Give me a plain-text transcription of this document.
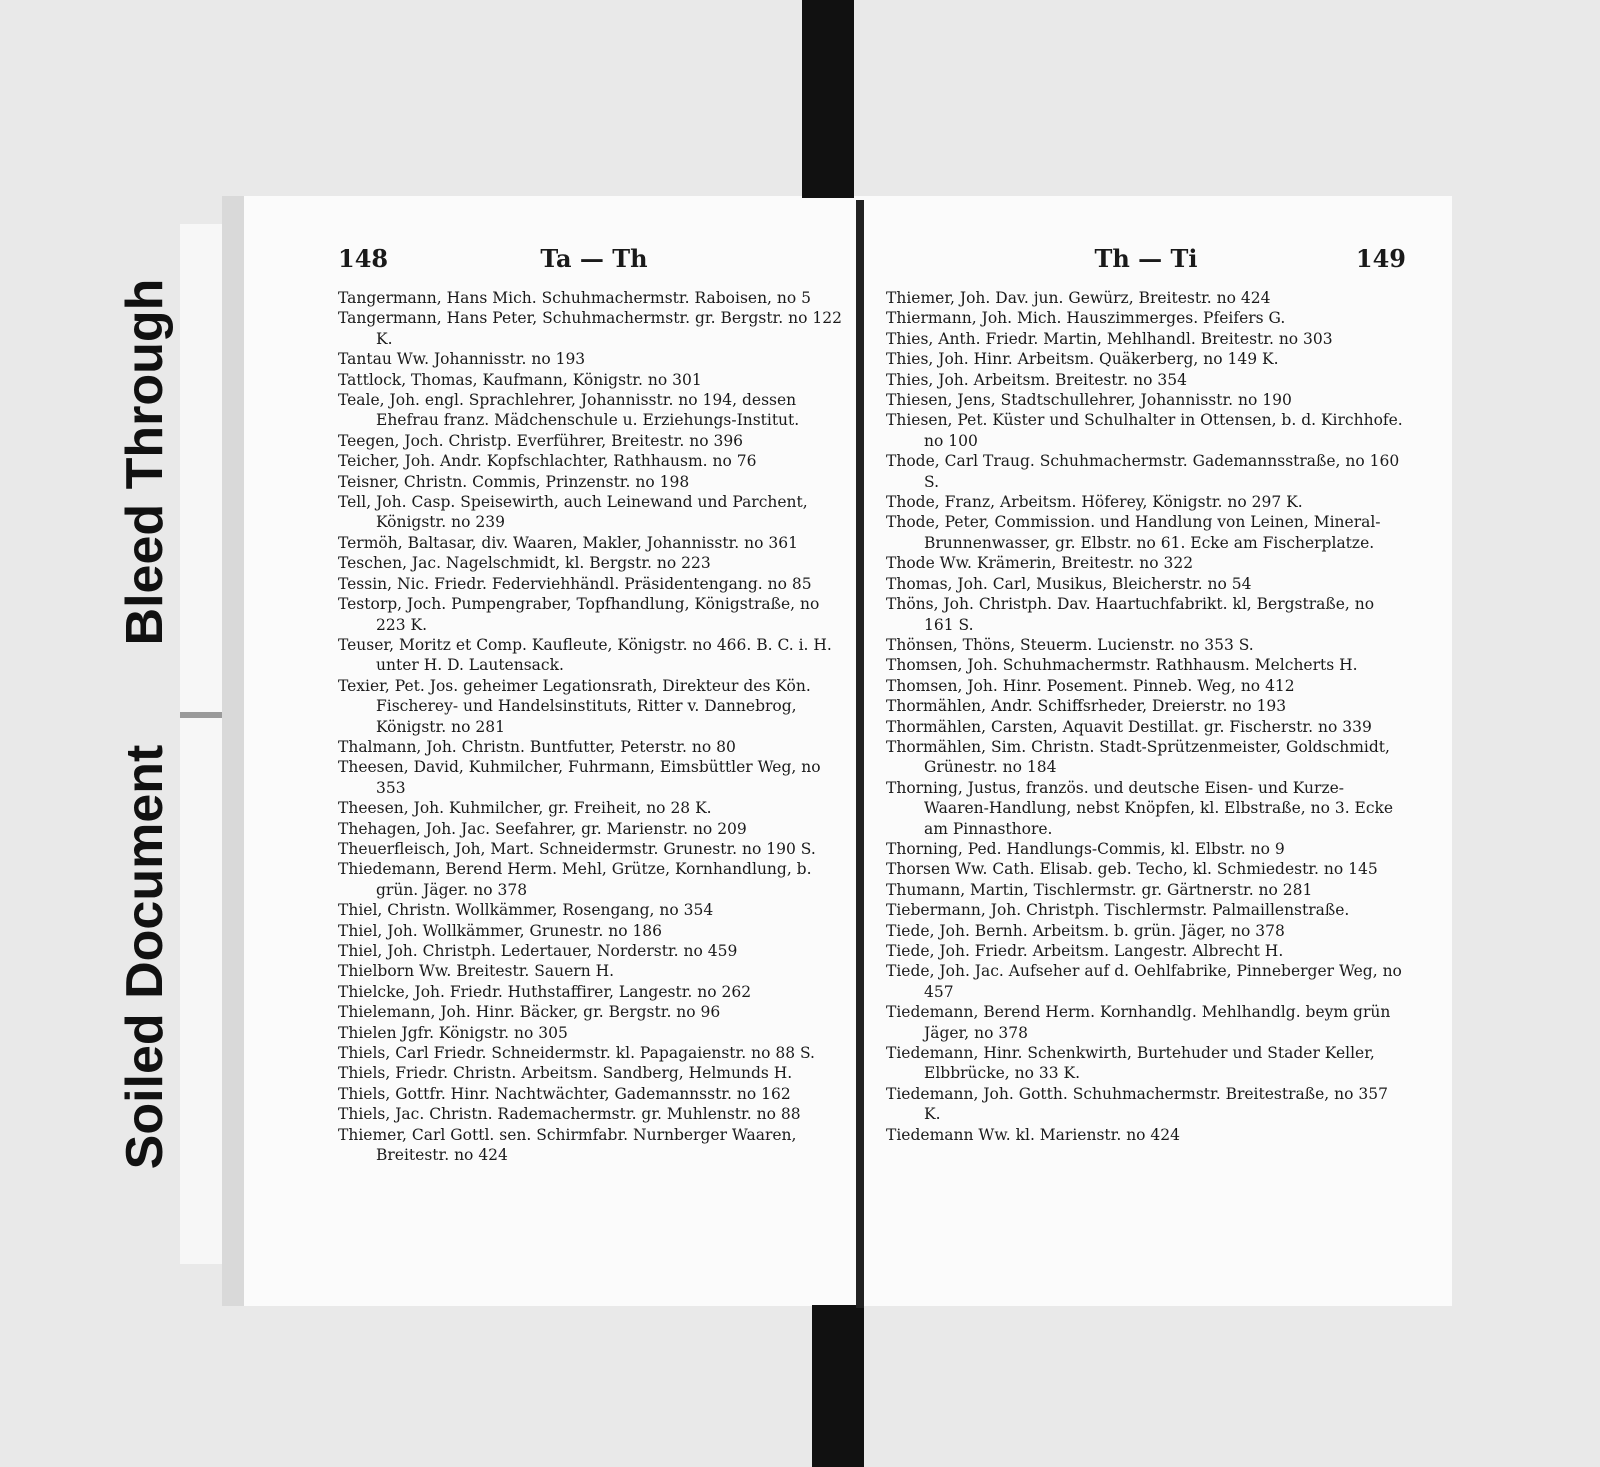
Bleed Through
Soiled Document
148	Ta — Th

Tangermann, Hans Mich. Schuhmachermstr. Raboisen, no 5

Tangermann, Hans Peter, Schuhmachermstr. gr. Bergstr. no 122 K.

Tantau Ww. Johannisstr. no 193

Tattlock, Thomas, Kaufmann, Königstr. no 301

Teale, Joh. engl. Sprachlehrer, Johannisstr. no 194, dessen Ehefrau franz. Mädchenschule u. Erziehungs-Institut.

Teegen, Joch. Christp. Everführer, Breitestr. no 396

Teicher, Joh. Andr. Kopfschlachter, Rathhausm. no 76

Teisner, Christn. Commis, Prinzenstr. no 198

Tell, Joh. Casp. Speisewirth, auch Leinewand und Parchent, Königstr. no 239

Termöh, Baltasar, div. Waaren, Makler, Johannisstr. no 361

Teschen, Jac. Nagelschmidt, kl. Bergstr. no 223

Tessin, Nic. Friedr. Federviehhändl. Präsidentengang. no 85

Testorp, Joch. Pumpengraber, Topfhandlung, Königstraße, no 223 K.

Teuser, Moritz et Comp. Kaufleute, Königstr. no 466. B. C. i. H. unter H. D. Lautensack.

Texier, Pet. Jos. geheimer Legationsrath, Direkteur des Kön. Fischerey- und Handelsinstituts, Ritter v. Dannebrog, Königstr. no 281

Thalmann, Joh. Christn. Buntfutter, Peterstr. no 80

Theesen, David, Kuhmilcher, Fuhrmann, Eimsbüttler Weg, no 353

Theesen, Joh. Kuhmilcher, gr. Freiheit, no 28 K.

Thehagen, Joh. Jac. Seefahrer, gr. Marienstr. no 209

Theuerfleisch, Joh, Mart. Schneidermstr. Grunestr. no 190 S.

Thiedemann, Berend Herm. Mehl, Grütze, Kornhandlung, b. grün. Jäger. no 378

Thiel, Christn. Wollkämmer, Rosengang, no 354

Thiel, Joh. Wollkämmer, Grunestr. no 186

Thiel, Joh. Christph. Ledertauer, Norderstr. no 459

Thielborn Ww. Breitestr. Sauern H.

Thielcke, Joh. Friedr. Huthstaffirer, Langestr. no 262

Thielemann, Joh. Hinr. Bäcker, gr. Bergstr. no 96

Thielen Jgfr. Königstr. no 305

Thiels, Carl Friedr. Schneidermstr. kl. Papagaienstr. no 88 S.

Thiels, Friedr. Christn. Arbeitsm. Sandberg, Helmunds H.

Thiels, Gottfr. Hinr. Nachtwächter, Gademannsstr. no 162

Thiels, Jac. Christn. Rademachermstr. gr. Muhlenstr. no 88

Thiemer, Carl Gottl. sen. Schirmfabr. Nurnberger Waaren, Breitestr. no 424

Th — Ti	149

Thiemer, Joh. Dav. jun. Gewürz, Breitestr. no 424

Thiermann, Joh. Mich. Hauszimmerges. Pfeifers G.

Thies, Anth. Friedr. Martin, Mehlhandl. Breitestr. no 303

Thies, Joh. Hinr. Arbeitsm. Quäkerberg, no 149 K.

Thies, Joh. Arbeitsm. Breitestr. no 354

Thiesen, Jens, Stadtschullehrer, Johannisstr. no 190

Thiesen, Pet. Küster und Schulhalter in Ottensen, b. d. Kirchhofe. no 100

Thode, Carl Traug. Schuhmachermstr. Gademannsstraße, no 160 S.

Thode, Franz, Arbeitsm. Höferey, Königstr. no 297 K.

Thode, Peter, Commission. und Handlung von Leinen, Mineral-Brunnenwasser, gr. Elbstr. no 61. Ecke am Fischerplatze.

Thode Ww. Krämerin, Breitestr. no 322

Thomas, Joh. Carl, Musikus, Bleicherstr. no 54

Thöns, Joh. Christph. Dav. Haartuchfabrikt. kl, Bergstraße, no 161 S.

Thönsen, Thöns, Steuerm. Lucienstr. no 353 S.

Thomsen, Joh. Schuhmachermstr. Rathhausm. Melcherts H.

Thomsen, Joh. Hinr. Posement. Pinneb. Weg, no 412

Thormählen, Andr. Schiffsrheder, Dreierstr. no 193

Thormählen, Carsten, Aquavit Destillat. gr. Fischerstr. no 339

Thormählen, Sim. Christn. Stadt-Sprützenmeister, Goldschmidt, Grünestr. no 184

Thorning, Justus, französ. und deutsche Eisen- und Kurze-Waaren-Handlung, nebst Knöpfen, kl. Elbstraße, no 3. Ecke am Pinnasthore.

Thorning, Ped. Handlungs-Commis, kl. Elbstr. no 9

Thorsen Ww. Cath. Elisab. geb. Techo, kl. Schmiedestr. no 145

Thumann, Martin, Tischlermstr. gr. Gärtnerstr. no 281

Tiebermann, Joh. Christph. Tischlermstr. Palmaillenstraße.

Tiede, Joh. Bernh. Arbeitsm. b. grün. Jäger, no 378

Tiede, Joh. Friedr. Arbeitsm. Langestr. Albrecht H.

Tiede, Joh. Jac. Aufseher auf d. Oehlfabrike, Pinneberger Weg, no 457

Tiedemann, Berend Herm. Kornhandlg. Mehlhandlg. beym grün Jäger, no 378

Tiedemann, Hinr. Schenkwirth, Burtehuder und Stader Keller, Elbbrücke, no 33 K.

Tiedemann, Joh. Gotth. Schuhmachermstr. Breitestraße, no 357 K.

Tiedemann Ww. kl. Marienstr. no 424
